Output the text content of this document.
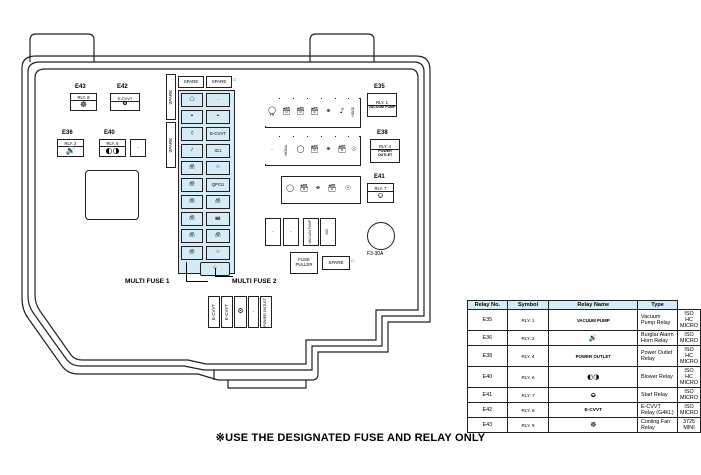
E43
RLY. 9
☸
E42
E-CVVT
⚙
E36
RLY. 2
🔊
E40
RLY. 6
◐◑	-
SPARE
SPARE
SPARE	SPARE	□
◯
⚭
♫
♪
🗃
🗃
🗃
🗃
🗃
🗃
·
⚭
E-CVVT
IG1
☉
QPCU
🗃
📷
🗃
☉
MULTI FUSE 1	MULTI FUSE 2
E-CVVT E-CVVT ⚙	-	POWER OUTLET
◯
FR 🗃 🗃 🗃 ⚭ ♪ HOOD
-	MODUL ◯ 🗃 ⚭ 🗃 ☉
◯ 🗃 ⚭ 🗃 ☉
-	-	VACUUM PUMP	IG2
FUSE PULLER	SPARE	□
F3-30A
E35
RLY. 1
VACUUM PUMP
E38
RLY. 4
POWER OUTLET
E41
RLY. 7
⎉
Relay No.	Symbol	Relay Name	Type	
E35	RLY. 1	VACUUM PUMP	Vacuum Pump Relay	ISO HC MICRO
E36	RLY. 2	🔊	Burglar Alarm Horn Relay	ISO MICRO
E38	RLY. 4	POWER OUTLET	Power Outlet Relay	ISO HC MICRO
E40	RLY. 6	◐◑	Blower Relay	ISO HC MICRO
E41	RLY. 7	⎉	Start Relay	ISO MICRO
E42	RLY. 8	E-CVVT	E-CVVT Relay (G4KL)	ISO MICRO
E43	RLY. 9	☸	Cooling Fan Relay	3725 MINI
※USE THE DESIGNATED FUSE AND RELAY ONLY
